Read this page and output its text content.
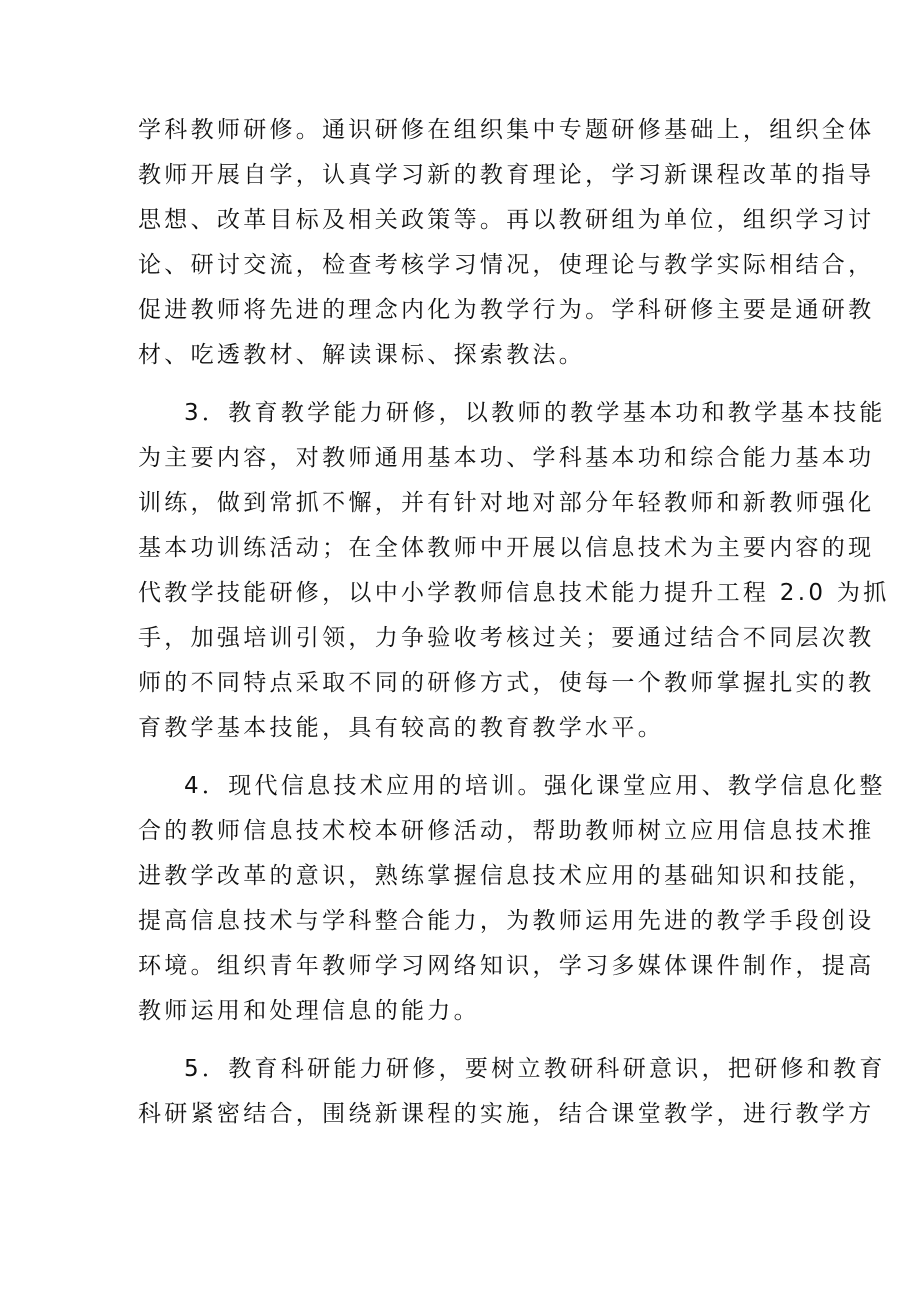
学科教师研修。通识研修在组织集中专题研修基础上，组织全体
教师开展自学，认真学习新的教育理论，学习新课程改革的指导
思想、改革目标及相关政策等。再以教研组为单位，组织学习讨
论、研讨交流，检查考核学习情况，使理论与教学实际相结合，
促进教师将先进的理念内化为教学行为。学科研修主要是通研教
材、吃透教材、解读课标、探索教法。
3．教育教学能力研修，以教师的教学基本功和教学基本技能
为主要内容，对教师通用基本功、学科基本功和综合能力基本功
训练，做到常抓不懈，并有针对地对部分年轻教师和新教师强化
基本功训练活动；在全体教师中开展以信息技术为主要内容的现
代教学技能研修，以中小学教师信息技术能力提升工程 2.0 为抓
手，加强培训引领，力争验收考核过关；要通过结合不同层次教
师的不同特点采取不同的研修方式，使每一个教师掌握扎实的教
育教学基本技能，具有较高的教育教学水平。
4．现代信息技术应用的培训。强化课堂应用、教学信息化整
合的教师信息技术校本研修活动，帮助教师树立应用信息技术推
进教学改革的意识，熟练掌握信息技术应用的基础知识和技能，
提高信息技术与学科整合能力，为教师运用先进的教学手段创设
环境。组织青年教师学习网络知识，学习多媒体课件制作，提高
教师运用和处理信息的能力。
5．教育科研能力研修，要树立教研科研意识，把研修和教育
科研紧密结合，围绕新课程的实施，结合课堂教学，进行教学方
